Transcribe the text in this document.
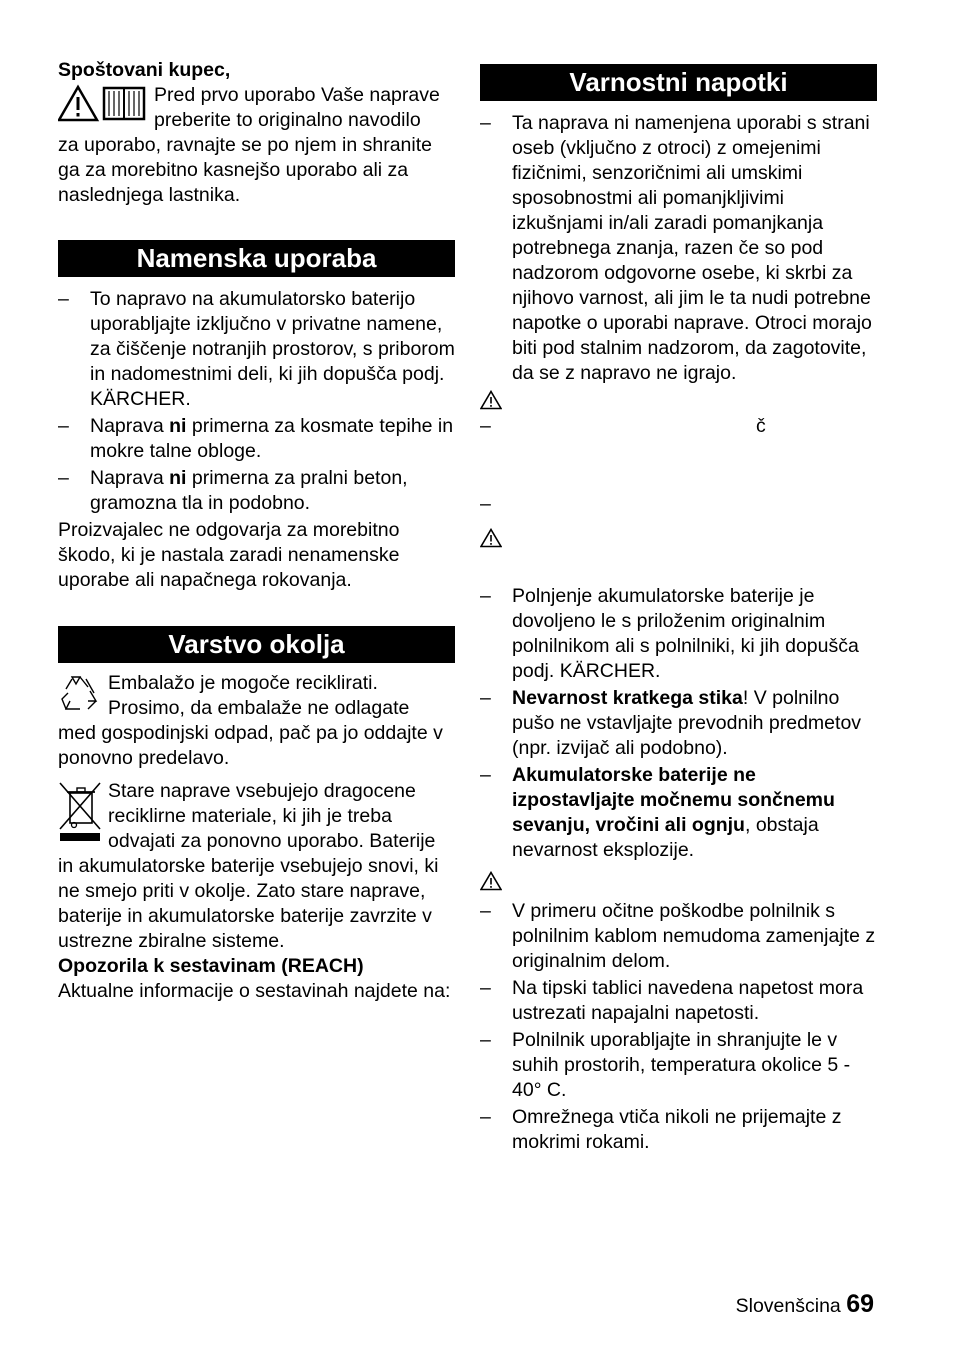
Spoštovani kupec,

Pred prvo uporabo Vaše naprave

preberite to originalno navodilo

za uporabo, ravnajte se po njem in shranite ga za morebitno kasnejšo uporabo ali za naslednjega lastnika.

Namenska uporaba
– To napravo na akumulatorsko baterijo uporabljajte izključno v privatne namene, za čiščenje notranjih prostorov, s priborom in nadomestnimi deli, ki jih dopušča podj. KÄRCHER.
– Naprava ni primerna za kosmate tepihe in mokre talne obloge.
– Naprava ni primerna za pralni beton, gramozna tla in podobno.

Proizvajalec ne odgovarja za morebitno škodo, ki je nastala zaradi nenamenske uporabe ali napačnega rokovanja.

Varstvo okolja

Embalažo je mogoče reciklirati.

Prosimo, da embalaže ne odlagate

med gospodinjski odpad, pač pa jo oddajte v ponovno predelavo.

Stare naprave vsebujejo dragocene

reciklirne materiale, ki jih je treba

odvajati za ponovno uporabo. Baterije

in akumulatorske baterije vsebujejo snovi, ki ne smejo priti v okolje. Zato stare naprave, baterije in akumulatorske baterije zavrzite v ustrezne zbiralne sisteme.

Opozorila k sestavinam (REACH)

Aktualne informacije o sestavinah najdete na:

Varnostni napotki
– Ta naprava ni namenjena uporabi s strani oseb (vključno z otroci) z omejenimi fizičnimi, senzoričnimi ali umskimi sposobnostmi ali pomanjkljivimi izkušnjami in/ali zaradi pomanjkanja potrebnega znanja, razen če so pod nadzorom odgovorne osebe, ki skrbi za njihovo varnost, ali jim le ta nudi potrebne napotke o uporabi naprave. Otroci morajo biti pod stalnim nadzorom, da zagotovite, da se z napravo ne igrajo.
–	č
–
– Polnjenje akumulatorske baterije je dovoljeno le s priloženim originalnim polnilnikom ali s polnilniki, ki jih dopušča podj. KÄRCHER.
– Nevarnost kratkega stika! V polnilno pušo ne vstavljajte prevodnih predmetov (npr. izvijač ali podobno).
– Akumulatorske baterije ne izpostavljajte močnemu sončnemu sevanju, vročini ali ognju, obstaja nevarnost eksplozije.
– V primeru očitne poškodbe polnilnik s polnilnim kablom nemudoma zamenjajte z originalnim delom.
– Na tipski tablici navedena napetost mora ustrezati napajalni napetosti.
– Polnilnik uporabljajte in shranjujte le v suhih prostorih, temperatura okolice 5 - 40° C.
– Omrežnega vtiča nikoli ne prijemajte z mokrimi rokami.
Slovenšcina 69
